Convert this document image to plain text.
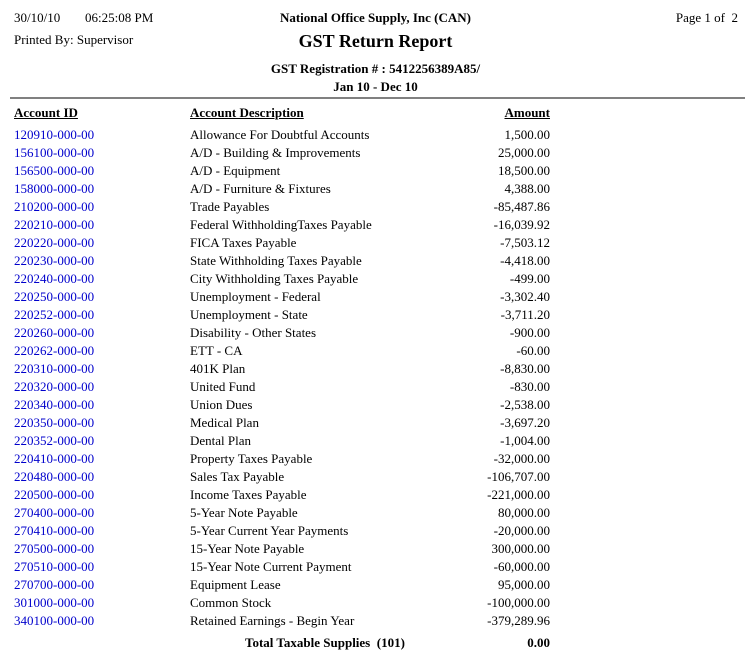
30/10/10 06:25:08 PM	National Office Supply, Inc (CAN)	Page 1 of  2
Printed By: Supervisor	GST Return Report
GST Registration # : 5412256389A85/
Jan 10 - Dec 10
Account ID	Account Description	Amount
120910-000-00	Allowance For Doubtful Accounts	1,500.00
156100-000-00	A/D - Building & Improvements	25,000.00
156500-000-00	A/D - Equipment	18,500.00
158000-000-00	A/D - Furniture & Fixtures	4,388.00
210200-000-00	Trade Payables	-85,487.86
220210-000-00	Federal WithholdingTaxes Payable	-16,039.92
220220-000-00	FICA Taxes Payable	-7,503.12
220230-000-00	State Withholding Taxes Payable	-4,418.00
220240-000-00	City Withholding Taxes Payable	-499.00
220250-000-00	Unemployment - Federal	-3,302.40
220252-000-00	Unemployment - State	-3,711.20
220260-000-00	Disability - Other States	-900.00
220262-000-00	ETT - CA	-60.00
220310-000-00	401K Plan	-8,830.00
220320-000-00	United Fund	-830.00
220340-000-00	Union Dues	-2,538.00
220350-000-00	Medical Plan	-3,697.20
220352-000-00	Dental Plan	-1,004.00
220410-000-00	Property Taxes Payable	-32,000.00
220480-000-00	Sales Tax Payable	-106,707.00
220500-000-00	Income Taxes Payable	-221,000.00
270400-000-00	5-Year Note Payable	80,000.00
270410-000-00	5-Year Current Year Payments	-20,000.00
270500-000-00	15-Year Note Payable	300,000.00
270510-000-00	15-Year Note Current Payment	-60,000.00
270700-000-00	Equipment Lease	95,000.00
301000-000-00	Common Stock	-100,000.00
340100-000-00	Retained Earnings - Begin Year	-379,289.96
Total Taxable Supplies  (101)	0.00
